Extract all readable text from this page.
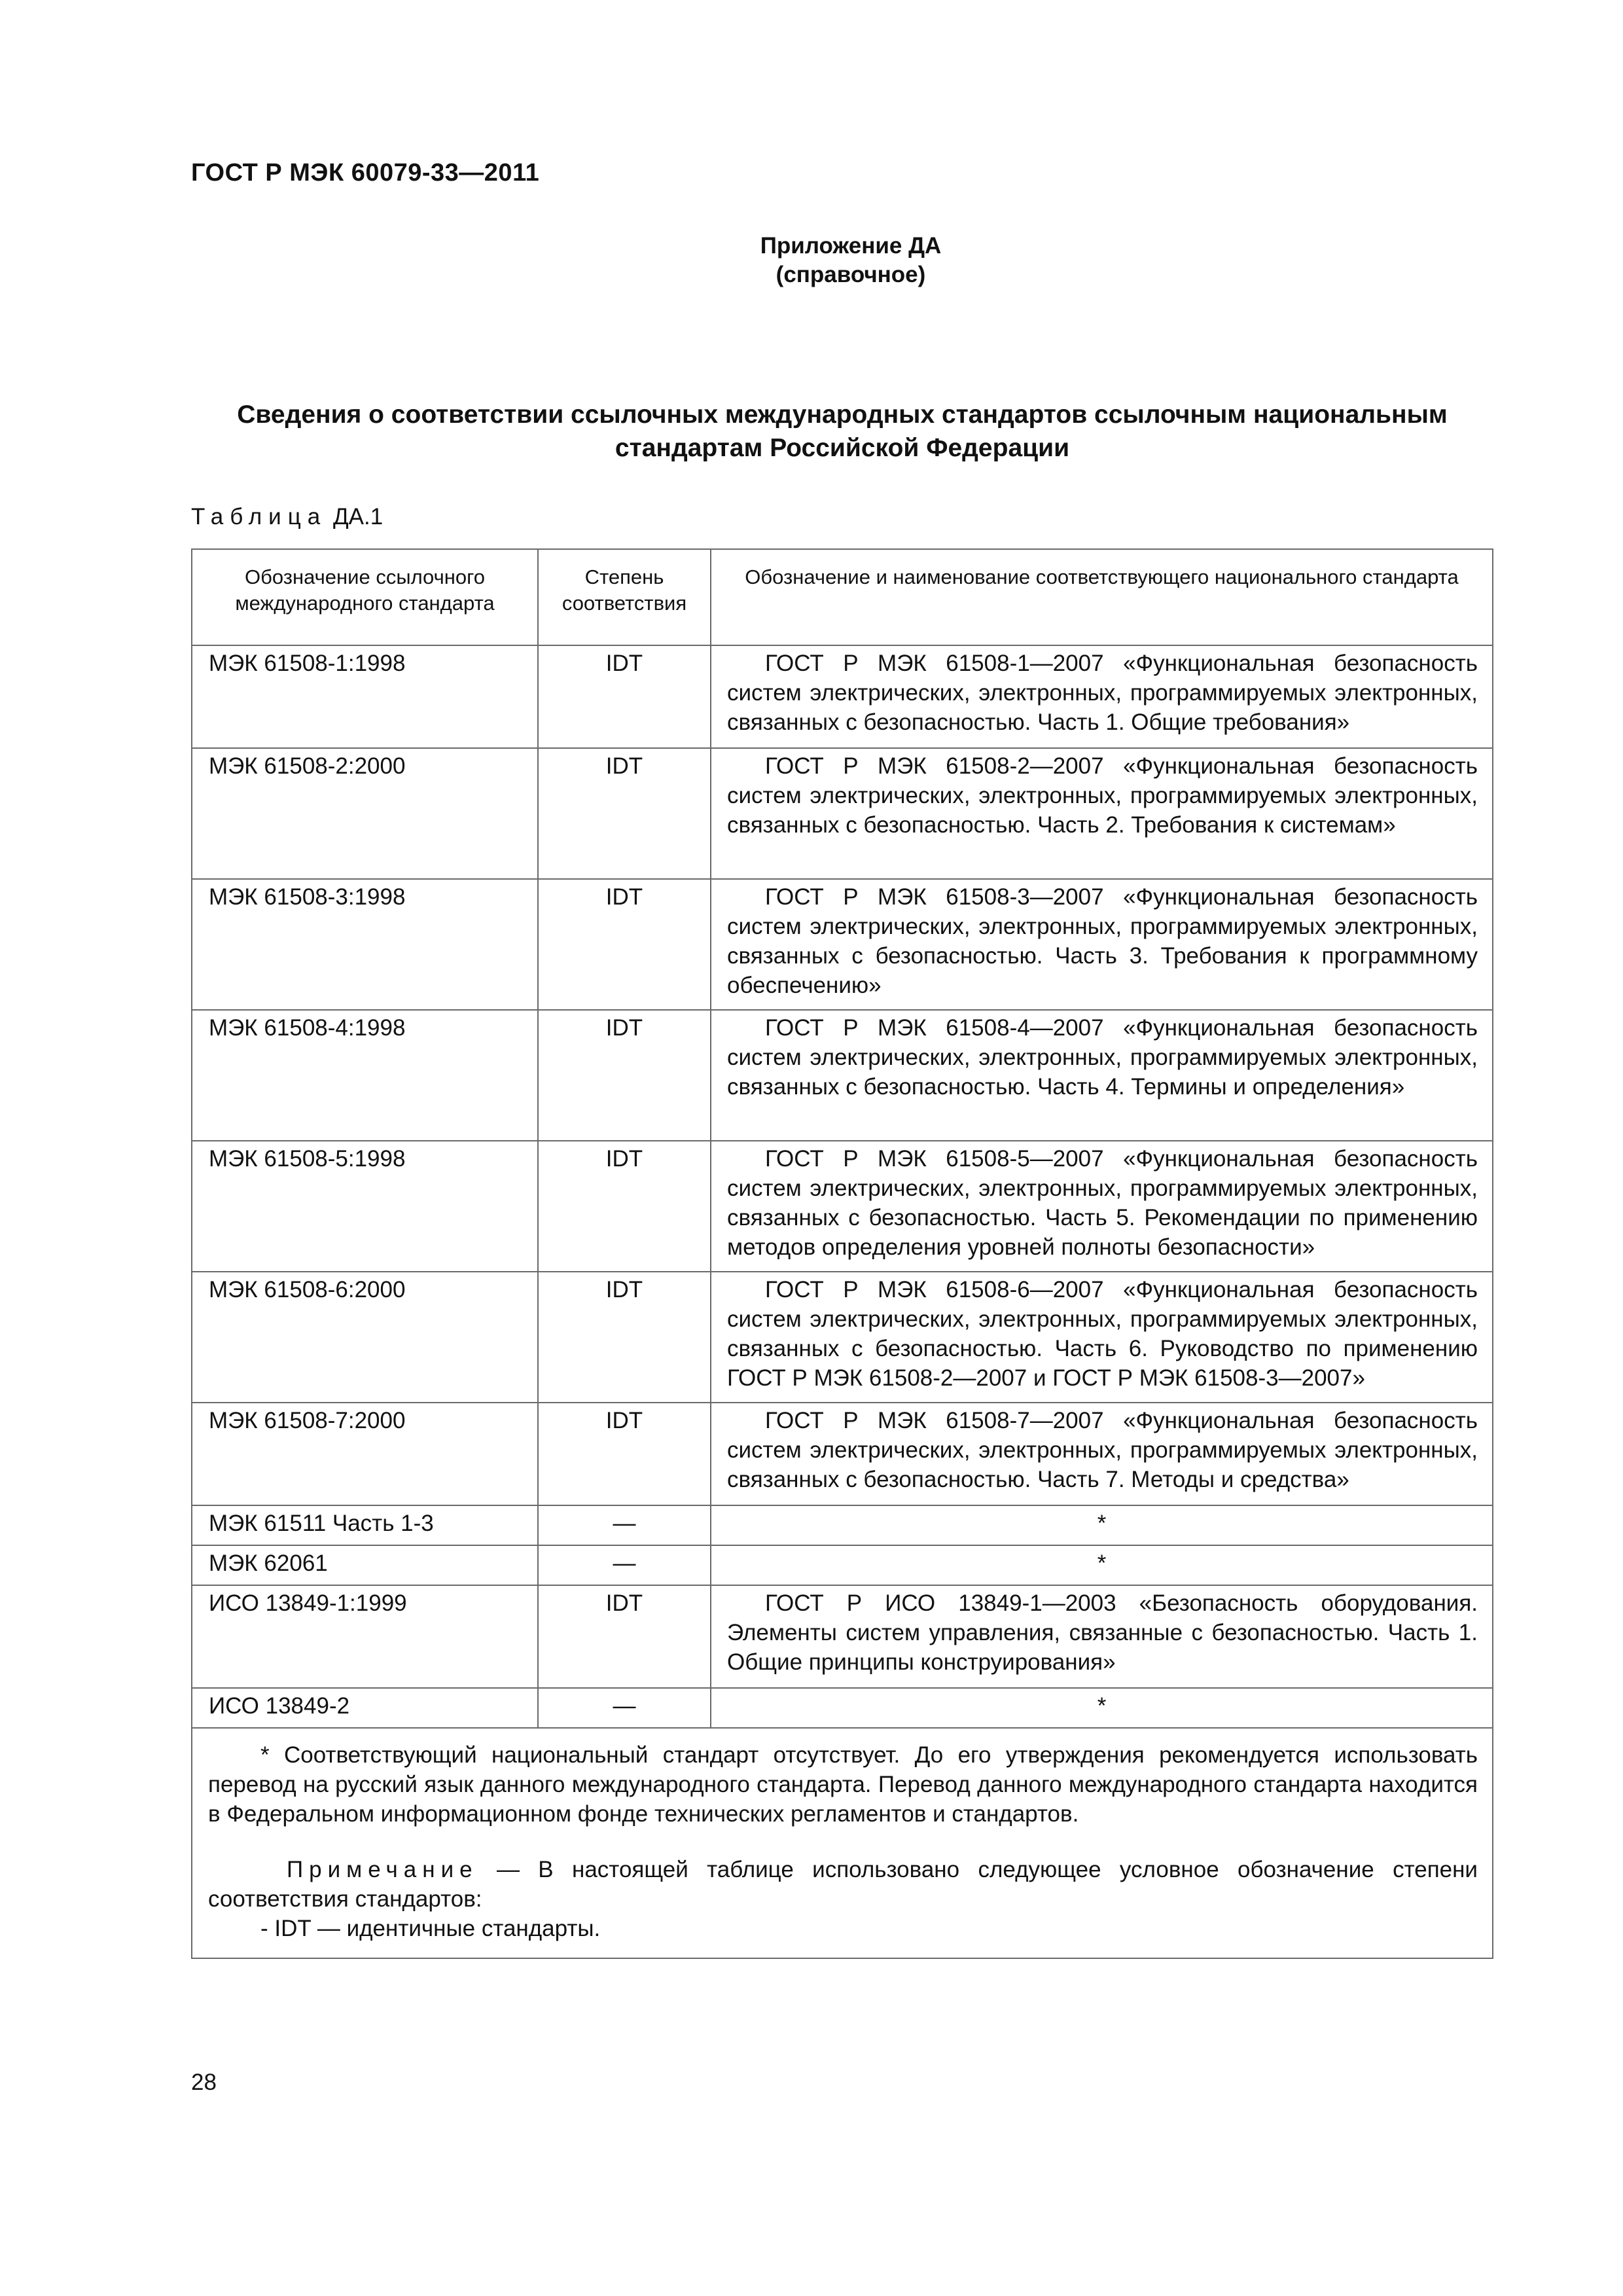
ГОСТ Р МЭК 60079-33—2011
Приложение ДА
(справочное)
Сведения о соответствии ссылочных международных стандартов ссылочным национальным
стандартам Российской Федерации
Таблица ДА.1
Обозначение ссылочного международного стандарта	Степень соответствия	Обозначение и наименование соответствующего национального стандарта
МЭК 61508-1:1998	IDT	ГОСТ Р МЭК 61508-1—2007 «Функциональная безопасность систем электрических, электронных, программируемых электронных, связанных с безопасностью. Часть 1. Общие требования»
МЭК 61508-2:2000	IDT	ГОСТ Р МЭК 61508-2—2007 «Функциональная безопасность систем электрических, электронных, программируемых электронных, связанных с безопасностью. Часть 2. Требования к системам»
МЭК 61508-3:1998	IDT	ГОСТ Р МЭК 61508-3—2007 «Функциональная безопасность систем электрических, электронных, программируемых электронных, связанных с безопасностью. Часть 3. Требования к программному обеспечению»
МЭК 61508-4:1998	IDT	ГОСТ Р МЭК 61508-4—2007 «Функциональная безопасность систем электрических, электронных, программируемых электронных, связанных с безопасностью. Часть 4. Термины и определения»
МЭК 61508-5:1998	IDT	ГОСТ Р МЭК 61508-5—2007 «Функциональная безопасность систем электрических, электронных, программируемых электронных, связанных с безопасностью. Часть 5. Рекомендации по применению методов определения уровней полноты безопасности»
МЭК 61508-6:2000	IDT	ГОСТ Р МЭК 61508-6—2007 «Функциональная безопасность систем электрических, электронных, программируемых электронных, связанных с безопасностью. Часть 6. Руководство по применению ГОСТ Р МЭК 61508-2—2007 и ГОСТ Р МЭК 61508-3—2007»
МЭК 61508-7:2000	IDT	ГОСТ Р МЭК 61508-7—2007 «Функциональная безопасность систем электрических, электронных, программируемых электронных, связанных с безопасностью. Часть 7. Методы и средства»
МЭК 61511 Часть 1-3	—	*
МЭК 62061	—	*
ИСО 13849-1:1999	IDT	ГОСТ Р ИСО 13849-1—2003 «Безопасность оборудования. Элементы систем управления, связанные с безопасностью. Часть 1. Общие принципы конструирования»
ИСО 13849-2	—	*

* Соответствующий национальный стандарт отсутствует. До его утверждения рекомендуется использовать перевод на русский язык данного международного стандарта. Перевод данного международного стандарта находится в Федеральном информационном фонде технических регламентов и стандартов.

Примечание — В настоящей таблице использовано следующее условное обозначение степени соответствия стандартов:

- IDT — идентичные стандарты.		

28
